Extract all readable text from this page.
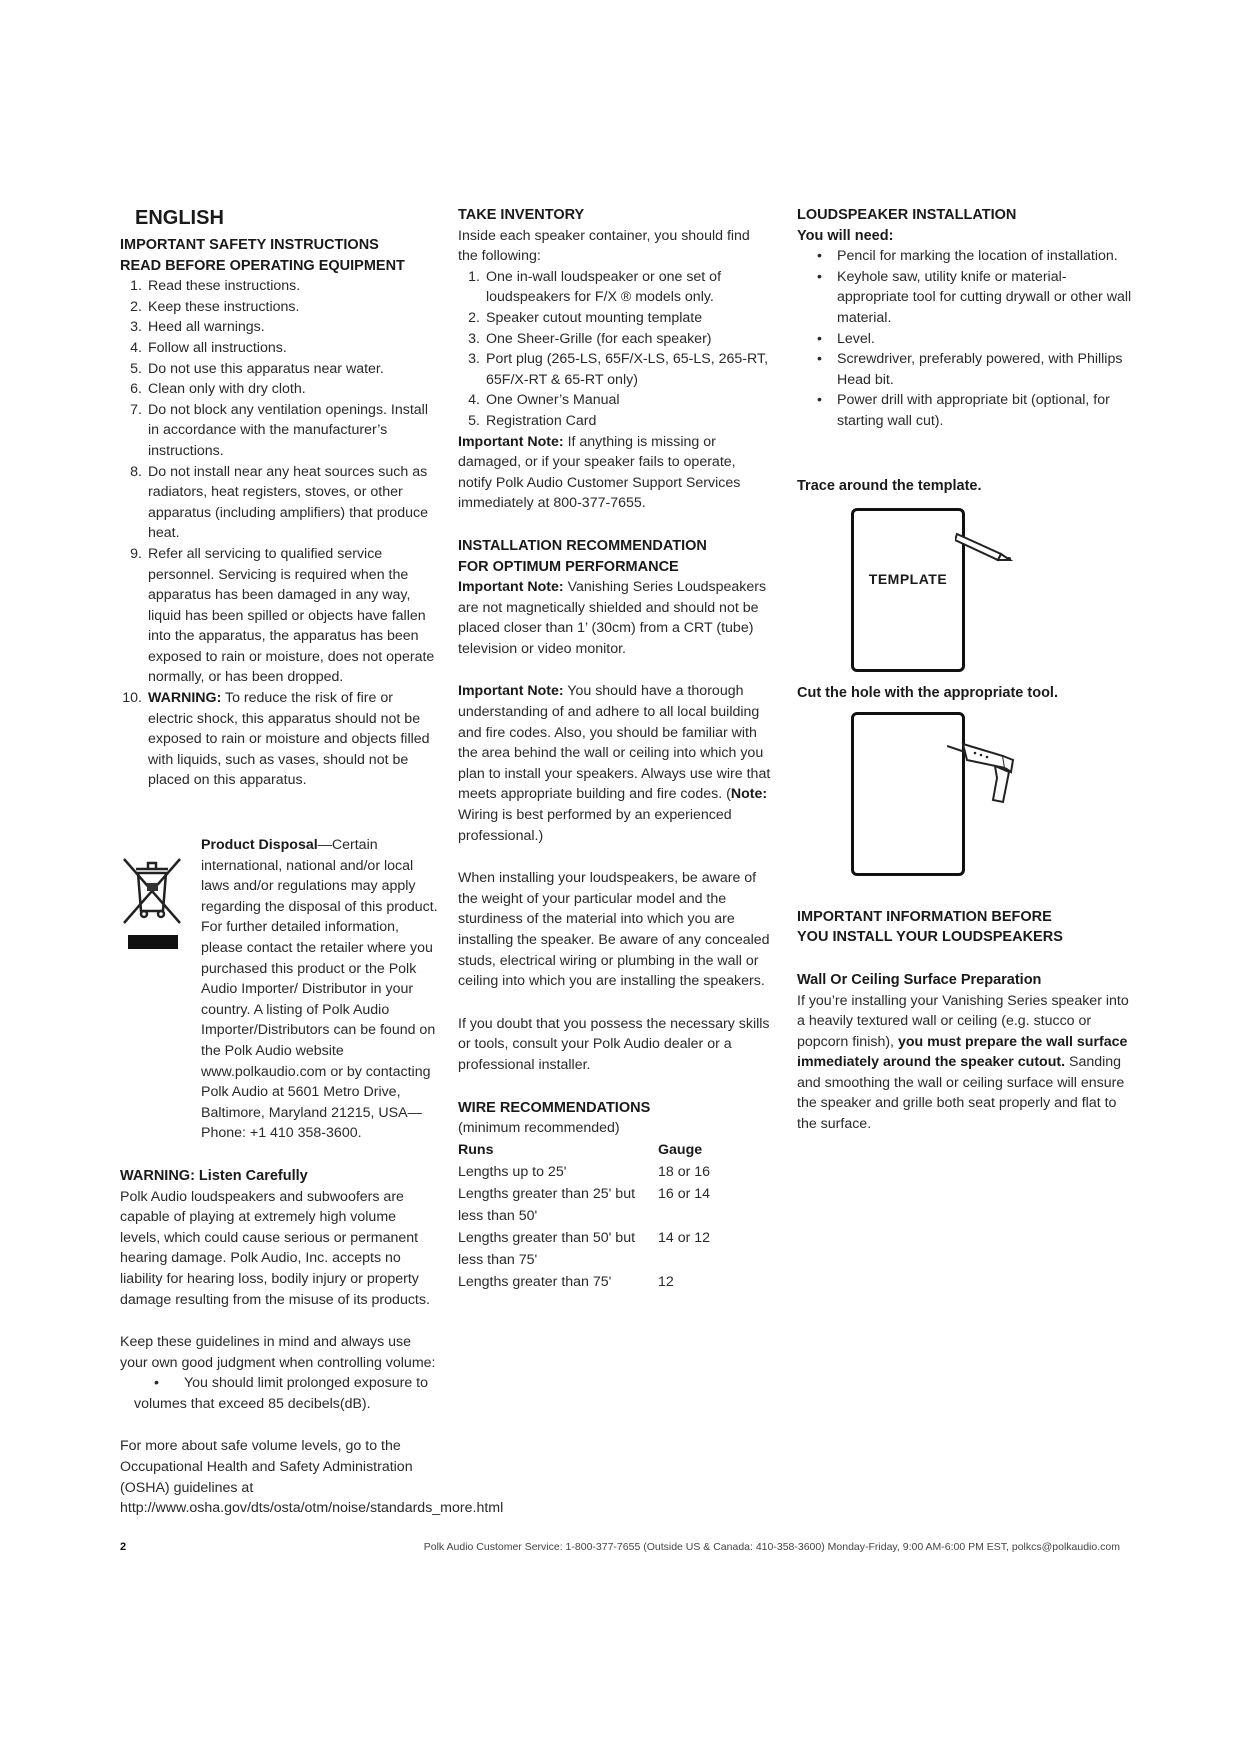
ENGLISH
IMPORTANT SAFETY INSTRUCTIONS
READ BEFORE OPERATING EQUIPMENT
1. Read these instructions.
2. Keep these instructions.
3. Heed all warnings.
4. Follow all instructions.
5. Do not use this apparatus near water.
6. Clean only with dry cloth.
7. Do not block any ventilation openings. Install in accordance with the manufacturer’s instructions.
8. Do not install near any heat sources such as radiators, heat registers, stoves, or other apparatus (including amplifiers) that produce heat.
9. Refer all servicing to qualified service personnel. Servicing is required when the apparatus has been damaged in any way, liquid has been spilled or objects have fallen into the apparatus, the apparatus has been exposed to rain or moisture, does not operate normally, or has been dropped.
10. WARNING: To reduce the risk of fire or electric shock, this apparatus should not be exposed to rain or moisture and objects filled with liquids, such as vases, should not be placed on this apparatus.

Product Disposal—Certain international, national and/or local laws and/or regulations may apply regarding the disposal of this product. For further detailed information, please contact the retailer where you purchased this product or the Polk Audio Importer/ Distributor in your country. A listing of Polk Audio Importer/Distributors can be found on the Polk Audio website www.polkaudio.com or by contacting Polk Audio at 5601 Metro Drive, Baltimore, Maryland 21215, USA—Phone: +1 410 358-3600.

WARNING: Listen Carefully

Polk Audio loudspeakers and subwoofers are capable of playing at extremely high volume levels, which could cause serious or permanent hearing damage. Polk Audio, Inc. accepts no liability for hearing loss, bodily injury or property damage resulting from the misuse of its products.

Keep these guidelines in mind and always use your own good judgment when controlling volume:

• You should limit prolonged exposure to volumes that exceed 85 decibels(dB).

For more about safe volume levels, go to the Occupational Health and Safety Administration (OSHA) guidelines at http://www.osha.gov/dts/osta/otm/noise/standards_more.html

TAKE INVENTORY

Inside each speaker container, you should find the following:

1. One in-wall loudspeaker or one set of loudspeakers for F/X ® models only.
2. Speaker cutout mounting template
3. One Sheer-Grille (for each speaker)
3. Port plug (265-LS, 65F/X-LS, 65-LS, 265-RT, 65F/X-RT & 65-RT only)
4. One Owner’s Manual
5. Registration Card

Important Note: If anything is missing or damaged, or if your speaker fails to operate, notify Polk Audio Customer Support Services immediately at 800-377-7655.

INSTALLATION RECOMMENDATION
FOR OPTIMUM PERFORMANCE

Important Note: Vanishing Series Loudspeakers are not magnetically shielded and should not be placed closer than 1’ (30cm) from a CRT (tube) television or video monitor.

Important Note: You should have a thorough understanding of and adhere to all local building and fire codes. Also, you should be familiar with the area behind the wall or ceiling into which you plan to install your speakers. Always use wire that meets appropriate building and fire codes. (Note: Wiring is best performed by an experienced professional.)

When installing your loudspeakers, be aware of the weight of your particular model and the sturdiness of the material into which you are installing the speaker. Be aware of any concealed studs, electrical wiring or plumbing in the wall or ceiling into which you are installing the speakers.

If you doubt that you possess the necessary skills or tools, consult your Polk Audio dealer or a professional installer.

WIRE RECOMMENDATIONS

(minimum recommended)

Runs	Gauge
Lengths up to 25'	18 or 16
Lengths greater than 25' but less than 50'	16 or 14
Lengths greater than 50' but less than 75'	14 or 12
Lengths greater than 75'	12
LOUDSPEAKER INSTALLATION
You will need:
• Pencil for marking the location of installation.
• Keyhole saw, utility knife or material-appropriate tool for cutting drywall or other wall material.
• Level.
• Screwdriver, preferably powered, with Phillips Head bit.
• Power drill with appropriate bit (optional, for starting wall cut).
Trace around the template.
TEMPLATE
Cut the hole with the appropriate tool.
IMPORTANT INFORMATION BEFORE
YOU INSTALL YOUR LOUDSPEAKERS
Wall Or Ceiling Surface Preparation

If you’re installing your Vanishing Series speaker into a heavily textured wall or ceiling (e.g. stucco or popcorn finish), you must prepare the wall surface immediately around the speaker cutout. Sanding and smoothing the wall or ceiling surface will ensure the speaker and grille both seat properly and flat to the surface.

2	Polk Audio Customer Service: 1-800-377-7655 (Outside US & Canada: 410-358-3600) Monday-Friday, 9:00 AM-6:00 PM EST, polkcs@polkaudio.com
